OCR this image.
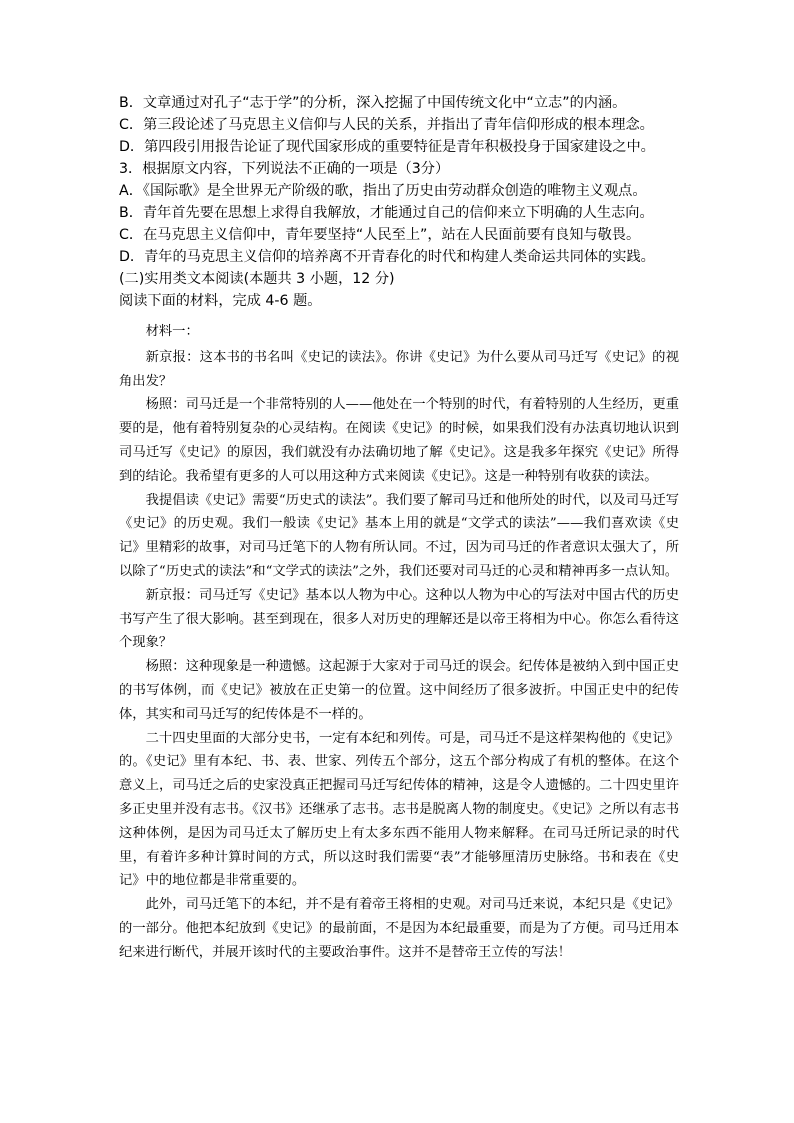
B．文章通过对孔子“志于学”的分析，深入挖掘了中国传统文化中“立志”的内涵。

C．第三段论述了马克思主义信仰与人民的关系，并指出了青年信仰形成的根本理念。

D．第四段引用报告论证了现代国家形成的重要特征是青年积极投身于国家建设之中。

3．根据原文内容，下列说法不正确的一项是（3分）

A．《国际歌》是全世界无产阶级的歌，指出了历史由劳动群众创造的唯物主义观点。

B．青年首先要在思想上求得自我解放，才能通过自己的信仰来立下明确的人生志向。

C．在马克思主义信仰中，青年要坚持“人民至上”，站在人民面前要有良知与敬畏。

D．青年的马克思主义信仰的培养离不开青春化的时代和构建人类命运共同体的实践。

(二)实用类文本阅读(本题共 3 小题，12 分)

阅读下面的材料，完成 4-6 题。

材料一：

新京报：这本书的书名叫《史记的读法》。你讲《史记》为什么要从司马迁写《史记》的视角出发？

杨照：司马迁是一个非常特别的人——他处在一个特别的时代，有着特别的人生经历，更重要的是，他有着特别复杂的心灵结构。在阅读《史记》的时候，如果我们没有办法真切地认识到司马迁写《史记》的原因，我们就没有办法确切地了解《史记》。这是我多年探究《史记》所得到的结论。我希望有更多的人可以用这种方式来阅读《史记》。这是一种特别有收获的读法。

我提倡读《史记》需要“历史式的读法”。我们要了解司马迁和他所处的时代，以及司马迁写《史记》的历史观。我们一般读《史记》基本上用的就是“文学式的读法”——我们喜欢读《史记》里精彩的故事，对司马迁笔下的人物有所认同。不过，因为司马迁的作者意识太强大了，所以除了“历史式的读法”和“文学式的读法”之外，我们还要对司马迁的心灵和精神再多一点认知。

新京报：司马迁写《史记》基本以人物为中心。这种以人物为中心的写法对中国古代的历史书写产生了很大影响。甚至到现在，很多人对历史的理解还是以帝王将相为中心。你怎么看待这个现象？

杨照：这种现象是一种遗憾。这起源于大家对于司马迁的误会。纪传体是被纳入到中国正史的书写体例，而《史记》被放在正史第一的位置。这中间经历了很多波折。中国正史中的纪传体，其实和司马迁写的纪传体是不一样的。

二十四史里面的大部分史书，一定有本纪和列传。可是，司马迁不是这样架构他的《史记》的。《史记》里有本纪、书、表、世家、列传五个部分，这五个部分构成了有机的整体。在这个意义上，司马迁之后的史家没真正把握司马迁写纪传体的精神，这是令人遗憾的。二十四史里许多正史里并没有志书。《汉书》还继承了志书。志书是脱离人物的制度史。《史记》之所以有志书这种体例，是因为司马迁太了解历史上有太多东西不能用人物来解释。在司马迁所记录的时代里，有着许多种计算时间的方式，所以这时我们需要“表”才能够厘清历史脉络。书和表在《史记》中的地位都是非常重要的。

此外，司马迁笔下的本纪，并不是有着帝王将相的史观。对司马迁来说，本纪只是《史记》的一部分。他把本纪放到《史记》的最前面，不是因为本纪最重要，而是为了方便。司马迁用本纪来进行断代，并展开该时代的主要政治事件。这并不是替帝王立传的写法！
